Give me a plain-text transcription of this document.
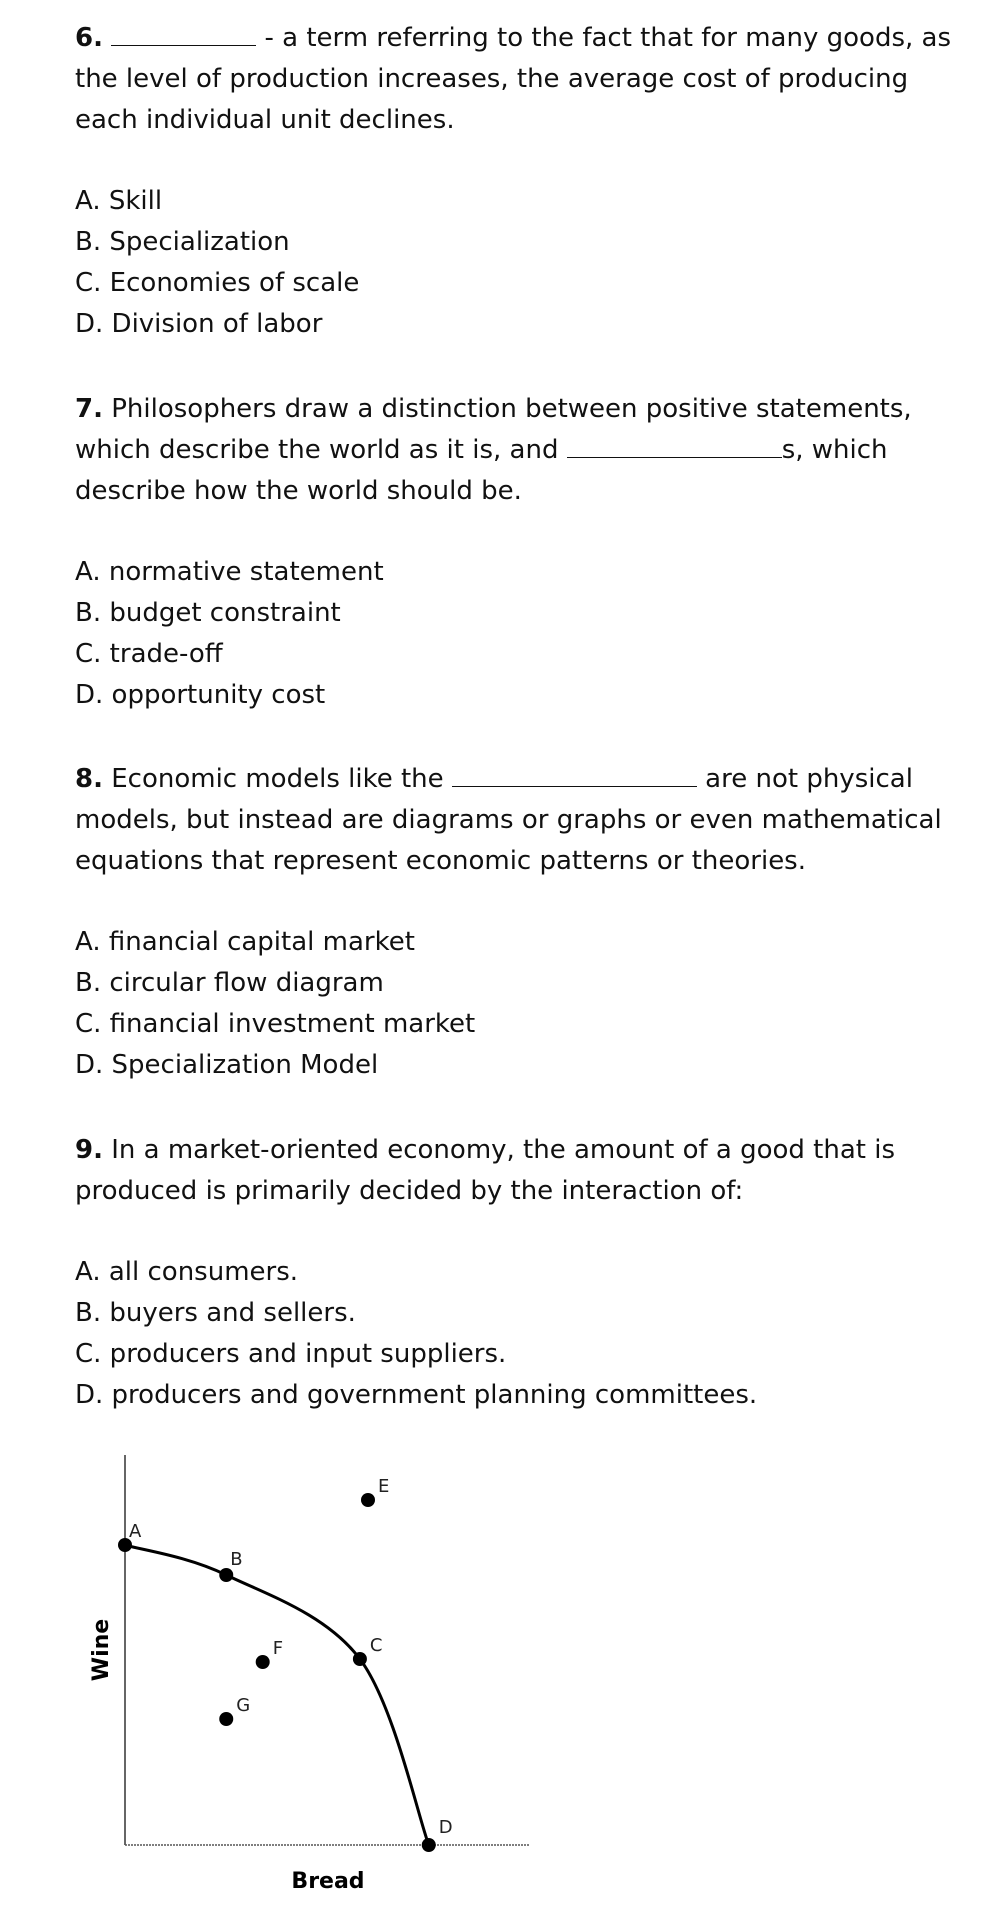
6.	- a term referring to the fact that for many goods, as the level of production increases, the average cost of producing each individual unit declines.

A. Skill
B. Specialization
C. Economies of scale
D. Division of labor

7. Philosophers draw a distinction between positive statements, which describe the world as it is, and	s, which describe how the world should be.

A. normative statement
B. budget constraint
C. trade-off
D. opportunity cost

8. Economic models like the	are not physical models, but instead are diagrams or graphs or even mathematical equations that represent economic patterns or theories.

A. financial capital market
B. circular flow diagram
C. financial investment market
D. Specialization Model

9. In a market-oriented economy, the amount of a good that is produced is primarily decided by the interaction of:

A. all consumers.
B. buyers and sellers.
C. producers and input suppliers.
D. producers and government planning committees.
A
B
C
D
E
F
G
Wine
Bread
